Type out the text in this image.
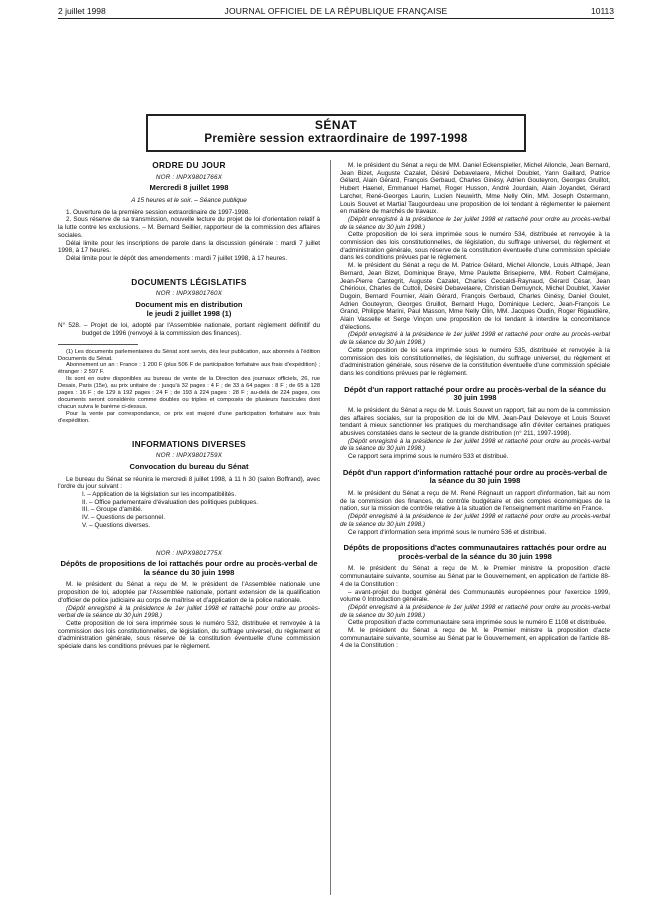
2 juillet 1998	JOURNAL OFFICIEL DE LA RÉPUBLIQUE FRANÇAISE	10113
SÉNAT
Première session extraordinaire de 1997-1998
ORDRE DU JOUR
NOR : INPX9801766X
Mercredi 8 juillet 1998
A 15 heures et le soir. – Séance publique

1. Ouverture de la première session extraordinaire de 1997-1998.

2. Sous réserve de sa transmission, nouvelle lecture du projet de loi d'orientation relatif à la lutte contre les exclusions. – M. Bernard Seillier, rapporteur de la commission des affaires sociales.

Délai limite pour les inscriptions de parole dans la discussion générale : mardi 7 juillet 1998, à 17 heures.

Délai limite pour le dépôt des amendements : mardi 7 juillet 1998, à 17 heures.

DOCUMENTS LÉGISLATIFS
NOR : INPX9801760X
Document mis en distribution
le jeudi 2 juillet 1998 (1)

N° 528. – Projet de loi, adopté par l'Assemblée nationale, portant règlement définitif du budget de 1996 (renvoyé à la commission des finances).

(1) Les documents parlementaires du Sénat sont servis, dès leur publication, aux abonnés à l'édition Documents du Sénat.

Abonnement un an : France : 1 200 F (plus 506 F de participation forfaitaire aux frais d'expédition) ; étranger : 2 597 F.

Ils sont en outre disponibles au bureau de vente de la Direction des journaux officiels, 26, rue Desaix, Paris (15e), au prix unitaire de : jusqu'à 32 pages : 4 F ; de 33 à 64 pages : 8 F ; de 65 à 128 pages : 16 F ; de 129 à 192 pages : 24 F ; de 193 à 224 pages : 28 F ; au-delà de 224 pages, ces documents seront considérés comme doubles ou triples et composés de plusieurs fascicules dont chacun suivra le barème ci-dessus.

Pour la vente par correspondance, ce prix est majoré d'une participation forfaitaire aux frais d'expédition.

INFORMATIONS DIVERSES
NOR : INPX9801759X
Convocation du bureau du Sénat

Le bureau du Sénat se réunira le mercredi 8 juillet 1998, à 11 h 30 (salon Boffrand), avec l'ordre du jour suivant :

I. – Application de la législation sur les incompatibilités.

II. – Office parlementaire d'évaluation des politiques publiques.

III. – Groupe d'amitié.

IV. – Questions de personnel.

V. – Questions diverses.

NOR : INPX9801775X
Dépôts de propositions de loi rattachés pour ordre au procès-verbal de la séance du 30 juin 1998

M. le président du Sénat a reçu de M. le président de l'Assemblée nationale une proposition de loi, adoptée par l'Assemblée nationale, portant extension de la qualification d'officier de police judiciaire au corps de maîtrise et d'application de la police nationale.

(Dépôt enregistré à la présidence le 1er juillet 1998 et rattaché pour ordre au procès-verbal de la séance du 30 juin 1998.)

Cette proposition de loi sera imprimée sous le numéro 532, distribuée et renvoyée à la commission des lois constitutionnelles, de législation, du suffrage universel, du règlement et d'administration générale, sous réserve de la constitution éventuelle d'une commission spéciale dans les conditions prévues par le règlement.

M. le président du Sénat a reçu de MM. Daniel Eckenspieller, Michel Alloncle, Jean Bernard, Jean Bizet, Auguste Cazalet, Désiré Debavelaere, Michel Doublet, Yann Gaillard, Patrice Gélard, Alain Gérard, François Gerbaud, Charles Ginésy, Adrien Gouteyron, Georges Gruillot, Hubert Haenel, Emmanuel Hamel, Roger Husson, André Jourdain, Alain Joyandet, Gérard Larcher, René-Georges Laurin, Lucien Neuwirth, Mme Nelly Olin, MM. Joseph Ostermann, Louis Souvet et Martial Taugourdeau une proposition de loi tendant à réglementer le paiement en matière de marchés de travaux.

(Dépôt enregistré à la présidence le 1er juillet 1998 et rattaché pour ordre au procès-verbal de la séance du 30 juin 1998.)

Cette proposition de loi sera imprimée sous le numéro 534, distribuée et renvoyée à la commission des lois constitutionnelles, de législation, du suffrage universel, du règlement et d'administration générale, sous réserve de la constitution éventuelle d'une commission spéciale dans les conditions prévues par le règlement.

M. le président du Sénat a reçu de M. Patrice Gélard, Michel Alloncle, Louis Althapé, Jean Bernard, Jean Bizet, Dominique Braye, Mme Paulette Brisepierre, MM. Robert Calméjane, Jean-Pierre Cantegrit, Auguste Cazalet, Charles Ceccaldi-Raynaud, Gérard César, Jean Chérioux, Charles de Cuttoli, Désiré Debavelaere, Christian Demuynck, Michel Doublet, Xavier Dugoin, Bernard Fournier, Alain Gérard, François Gerbaud, Charles Ginésy, Daniel Goulet, Adrien Gouteyron, Georges Gruillot, Bernard Hugo, Dominique Leclerc, Jean-François Le Grand, Philippe Marini, Paul Masson, Mme Nelly Olin, MM. Jacques Oudin, Roger Rigaudière, Alain Vasselle et Serge Vinçon une proposition de loi tendant à interdire la concomitance d'élections.

(Dépôt enregistré à la présidence le 1er juillet 1998 et rattaché pour ordre au procès-verbal de la séance du 30 juin 1998.)

Cette proposition de loi sera imprimée sous le numéro 535, distribuée et renvoyée à la commission des lois constitutionnelles, de législation, du suffrage universel, du règlement et d'administration générale, sous réserve de la constitution éventuelle d'une commission spéciale dans les conditions prévues par le règlement.

Dépôt d'un rapport rattaché pour ordre au procès-verbal de la séance du 30 juin 1998

M. le président du Sénat a reçu de M. Louis Souvet un rapport, fait au nom de la commission des affaires sociales, sur la proposition de loi de MM. Jean-Paul Delevoye et Louis Souvet tendant à mieux sanctionner les pratiques du merchandisage afin d'éviter certaines pratiques abusives constatées dans le secteur de la grande distribution (n° 211, 1997-1998).

(Dépôt enregistré à la présidence le 1er juillet 1998 et rattaché pour ordre au procès-verbal de la séance du 30 juin 1998.)

Ce rapport sera imprimé sous le numéro 533 et distribué.

Dépôt d'un rapport d'information rattaché pour ordre au procès-verbal de la séance du 30 juin 1998

M. le président du Sénat a reçu de M. René Régnault un rapport d'information, fait au nom de la commission des finances, du contrôle budgétaire et des comptes économiques de la nation, sur la mission de contrôle relative à la situation de l'enseignement maritime en France.

(Dépôt enregistré à la présidence le 1er juillet 1998 et rattaché pour ordre au procès-verbal de la séance du 30 juin 1998.)

Ce rapport d'information sera imprimé sous le numéro 536 et distribué.

Dépôts de propositions d'actes communautaires rattachés pour ordre au procès-verbal de la séance du 30 juin 1998

M. le président du Sénat a reçu de M. le Premier ministre la proposition d'acte communautaire suivante, soumise au Sénat par le Gouvernement, en application de l'article 88-4 de la Constitution :

– avant-projet du budget général des Communautés européennes pour l'exercice 1999, volume 0 Introduction générale.

(Dépôt enregistré à la présidence le 1er juillet 1998 et rattaché pour ordre au procès-verbal de la séance du 30 juin 1998.)

Cette proposition d'acte communautaire sera imprimée sous le numéro E 1108 et distribuée.

M. le président du Sénat a reçu de M. le Premier ministre la proposition d'acte communautaire suivante, soumise au Sénat par le Gouvernement, en application de l'article 88-4 de la Constitution :
